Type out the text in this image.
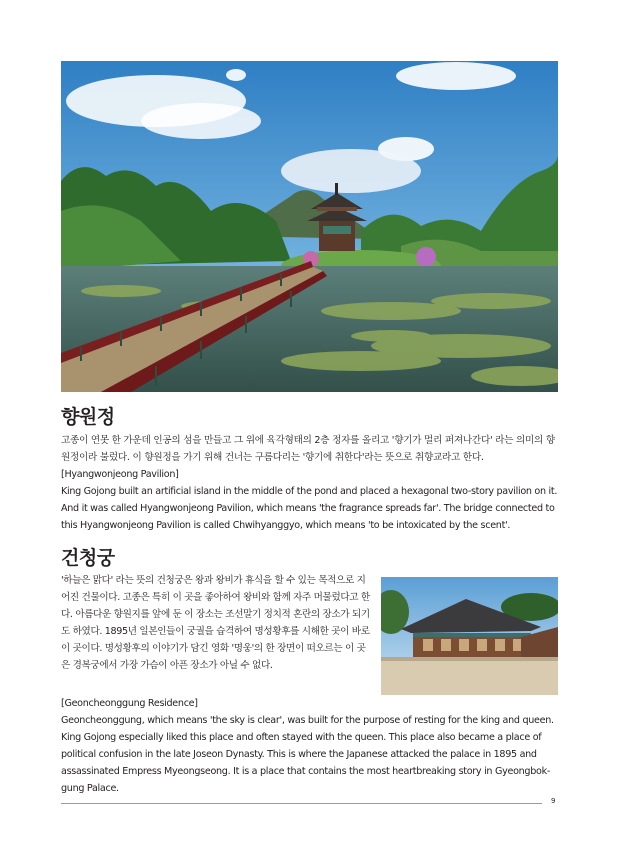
향원정

고종이 연못 한 가운데 인공의 섬을 만들고 그 위에 육각형태의 2층 정자를 올리고 '향기가 멀리 퍼져나간다' 라는 의미의 향원정이라 불렀다. 이 향원정을 가기 위해 건너는 구름다리는 '향기에 취한다'라는 뜻으로 취향교라고 한다.

[Hyangwonjeong Pavilion]

King Gojong built an artificial island in the middle of the pond and placed a hexagonal two-story pavilion on it. And it was called Hyangwonjeong Pavilion, which means 'the fragrance spreads far'. The bridge connected to this Hyangwonjeong Pavilion is called Chwihyanggyo, which means 'to be intoxicated by the scent'.

건청궁

'하늘은 맑다' 라는 뜻의 건청궁은 왕과 왕비가 휴식을 할 수 있는 목적으로 지어진 건물이다. 고종은 특히 이 곳을 좋아하여 왕비와 함께 자주 머물렀다고 한다. 아름다운 향원지를 앞에 둔 이 장소는 조선말기 정치적 혼란의 장소가 되기도 하였다. 1895년 일본인들이 궁궐을 습격하여 명성황후를 시해한 곳이 바로 이 곳이다. 명성황후의 이야기가 담긴 영화 '명웅'의 한 장면이 떠오르는 이 곳은 경복궁에서 가장 가슴이 아픈 장소가 아닐 수 없다.

[Geoncheonggung Residence]

Geoncheonggung, which means 'the sky is clear', was built for the purpose of resting for the king and queen. King Gojong especially liked this place and often stayed with the queen. This place also became a place of political confusion in the late Joseon Dynasty. This is where the Japanese attacked the palace in 1895 and assassinated Empress Myeongseong. It is a place that contains the most heartbreaking story in Gyeongbok-gung Palace.

9
